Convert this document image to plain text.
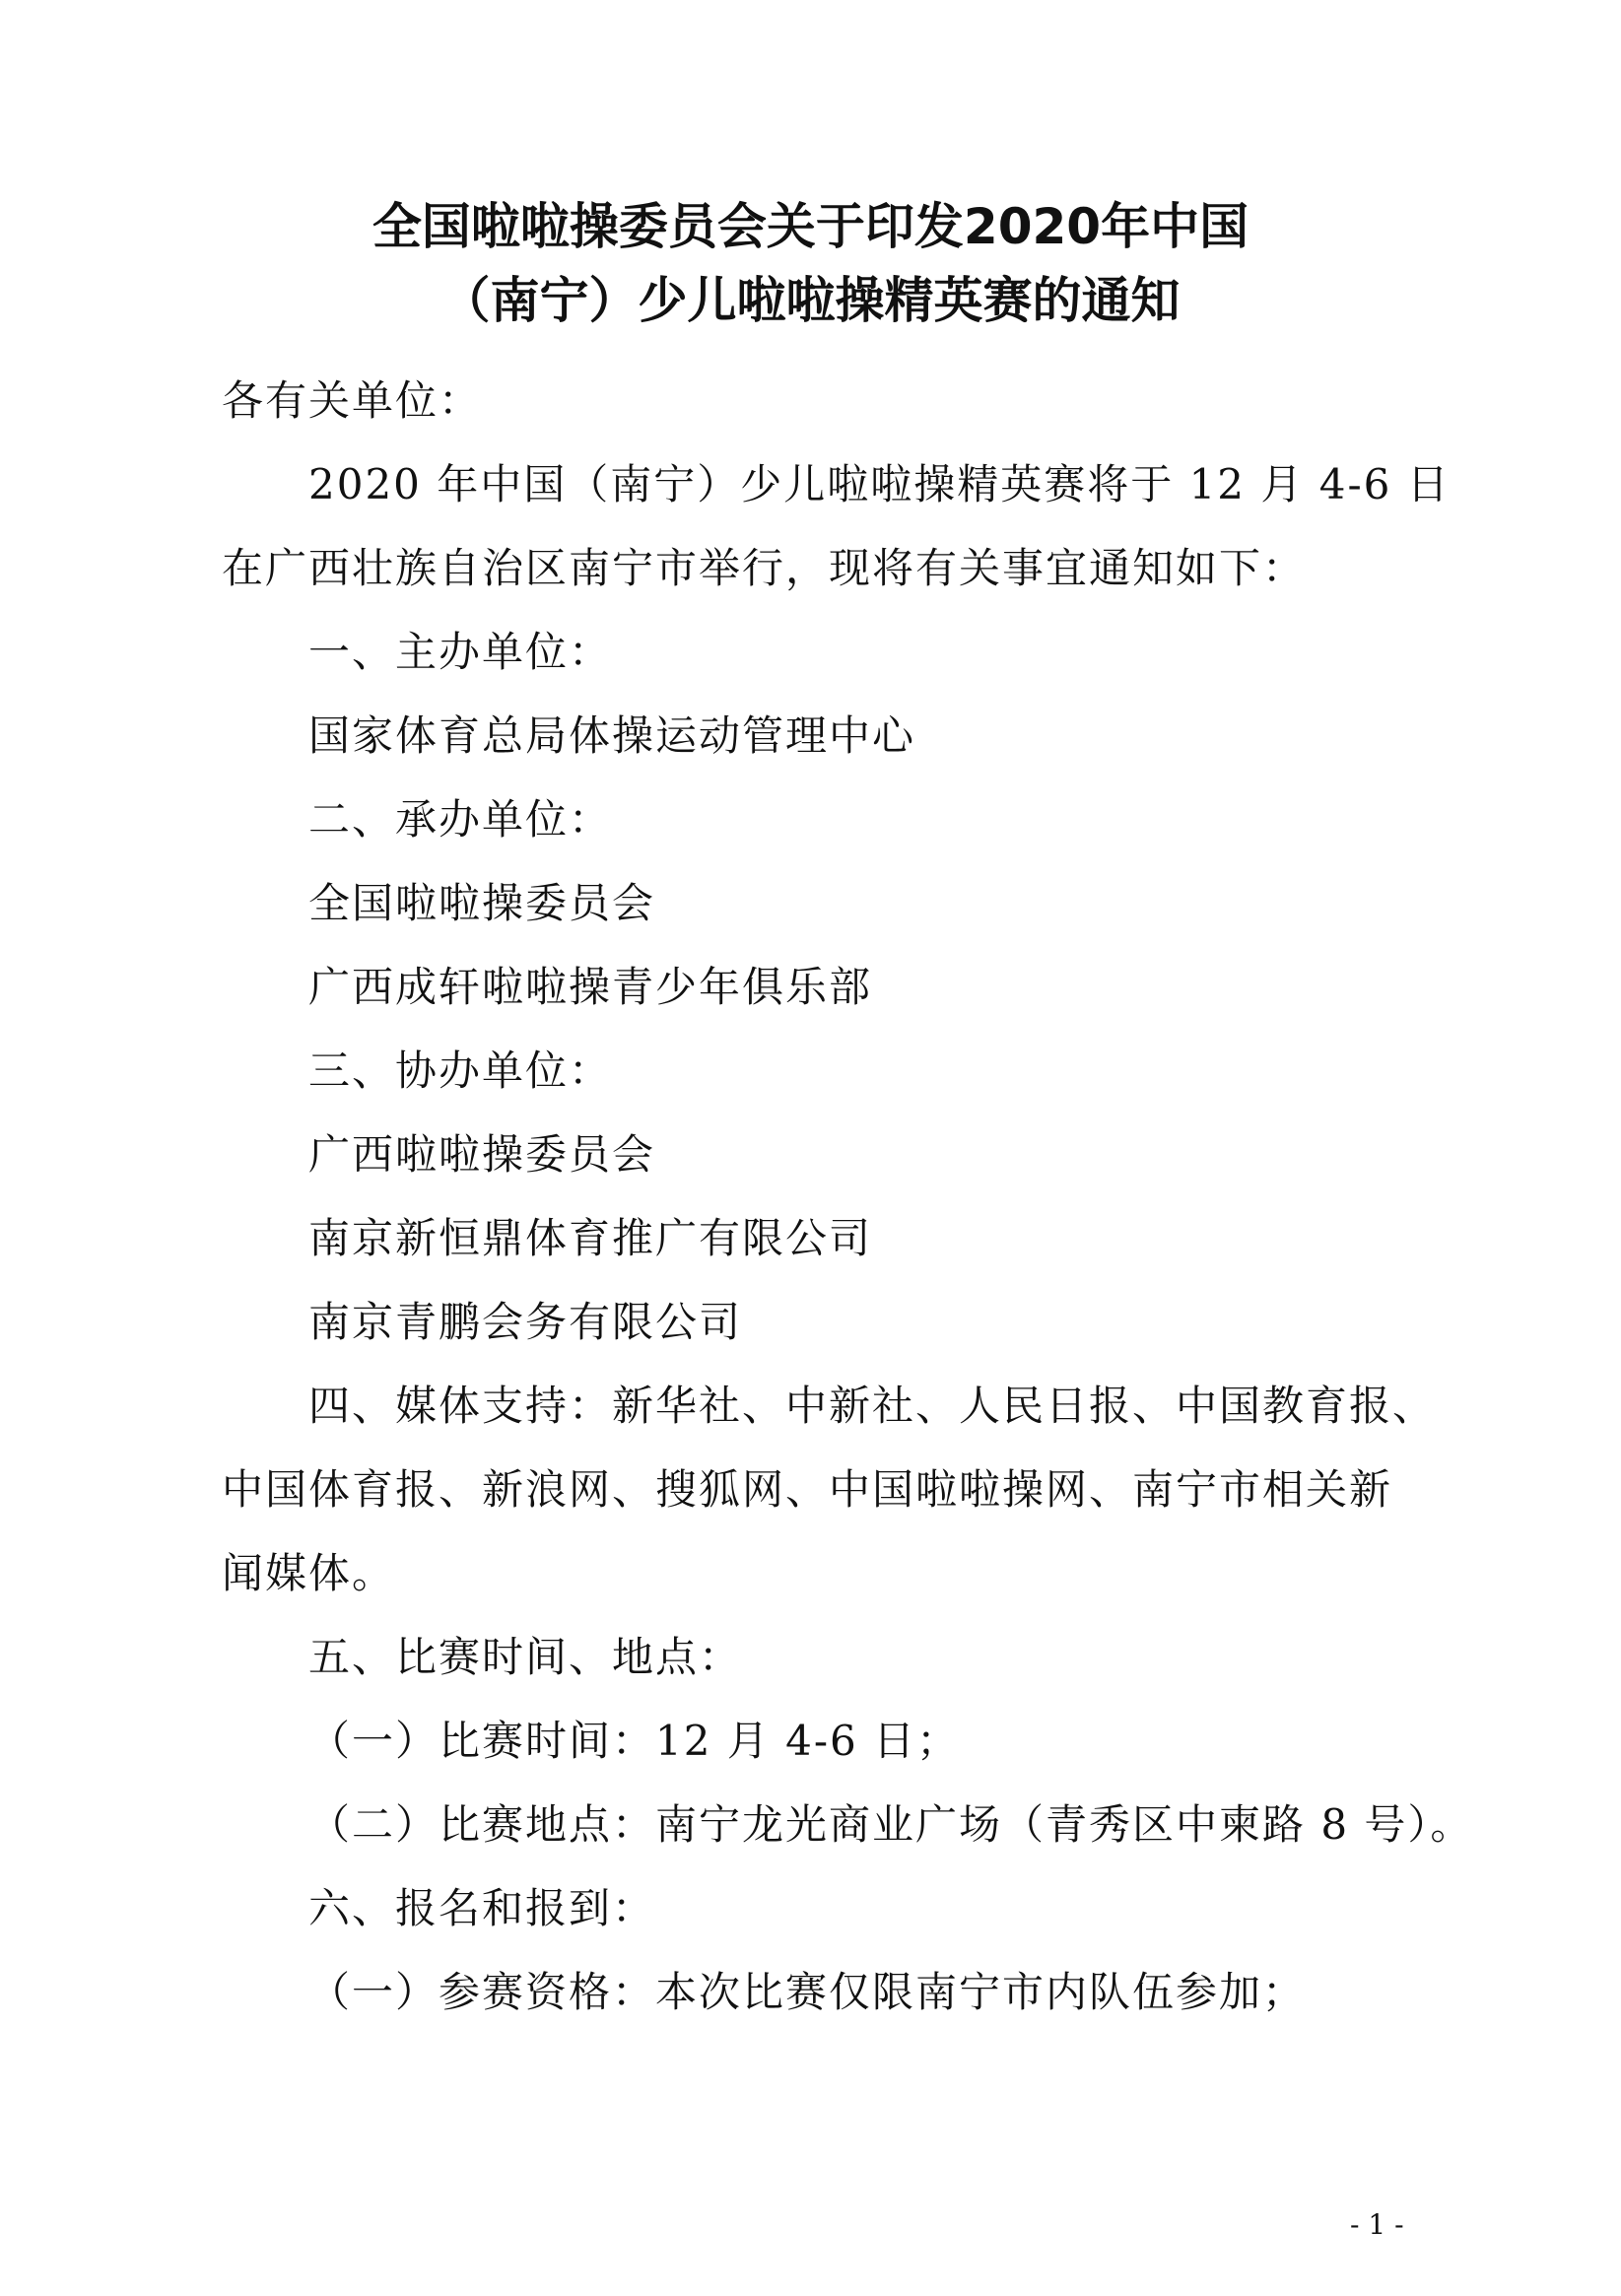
全国啦啦操委员会关于印发2020年中国
（南宁）少儿啦啦操精英赛的通知
各有关单位：
2020 年中国（南宁）少儿啦啦操精英赛将于 12 月 4-6 日
在广西壮族自治区南宁市举行，现将有关事宜通知如下：
一、主办单位：
国家体育总局体操运动管理中心
二、承办单位：
全国啦啦操委员会
广西成轩啦啦操青少年俱乐部
三、协办单位：
广西啦啦操委员会
南京新恒鼎体育推广有限公司
南京青鹏会务有限公司
四、媒体支持：新华社、中新社、人民日报、中国教育报、
中国体育报、新浪网、搜狐网、中国啦啦操网、南宁市相关新
闻媒体。
五、比赛时间、地点：
（一）比赛时间：12 月 4-6 日；
（二）比赛地点：南宁龙光商业广场（青秀区中柬路 8 号）。
六、报名和报到：
（一）参赛资格：本次比赛仅限南宁市内队伍参加；
- 1 -
